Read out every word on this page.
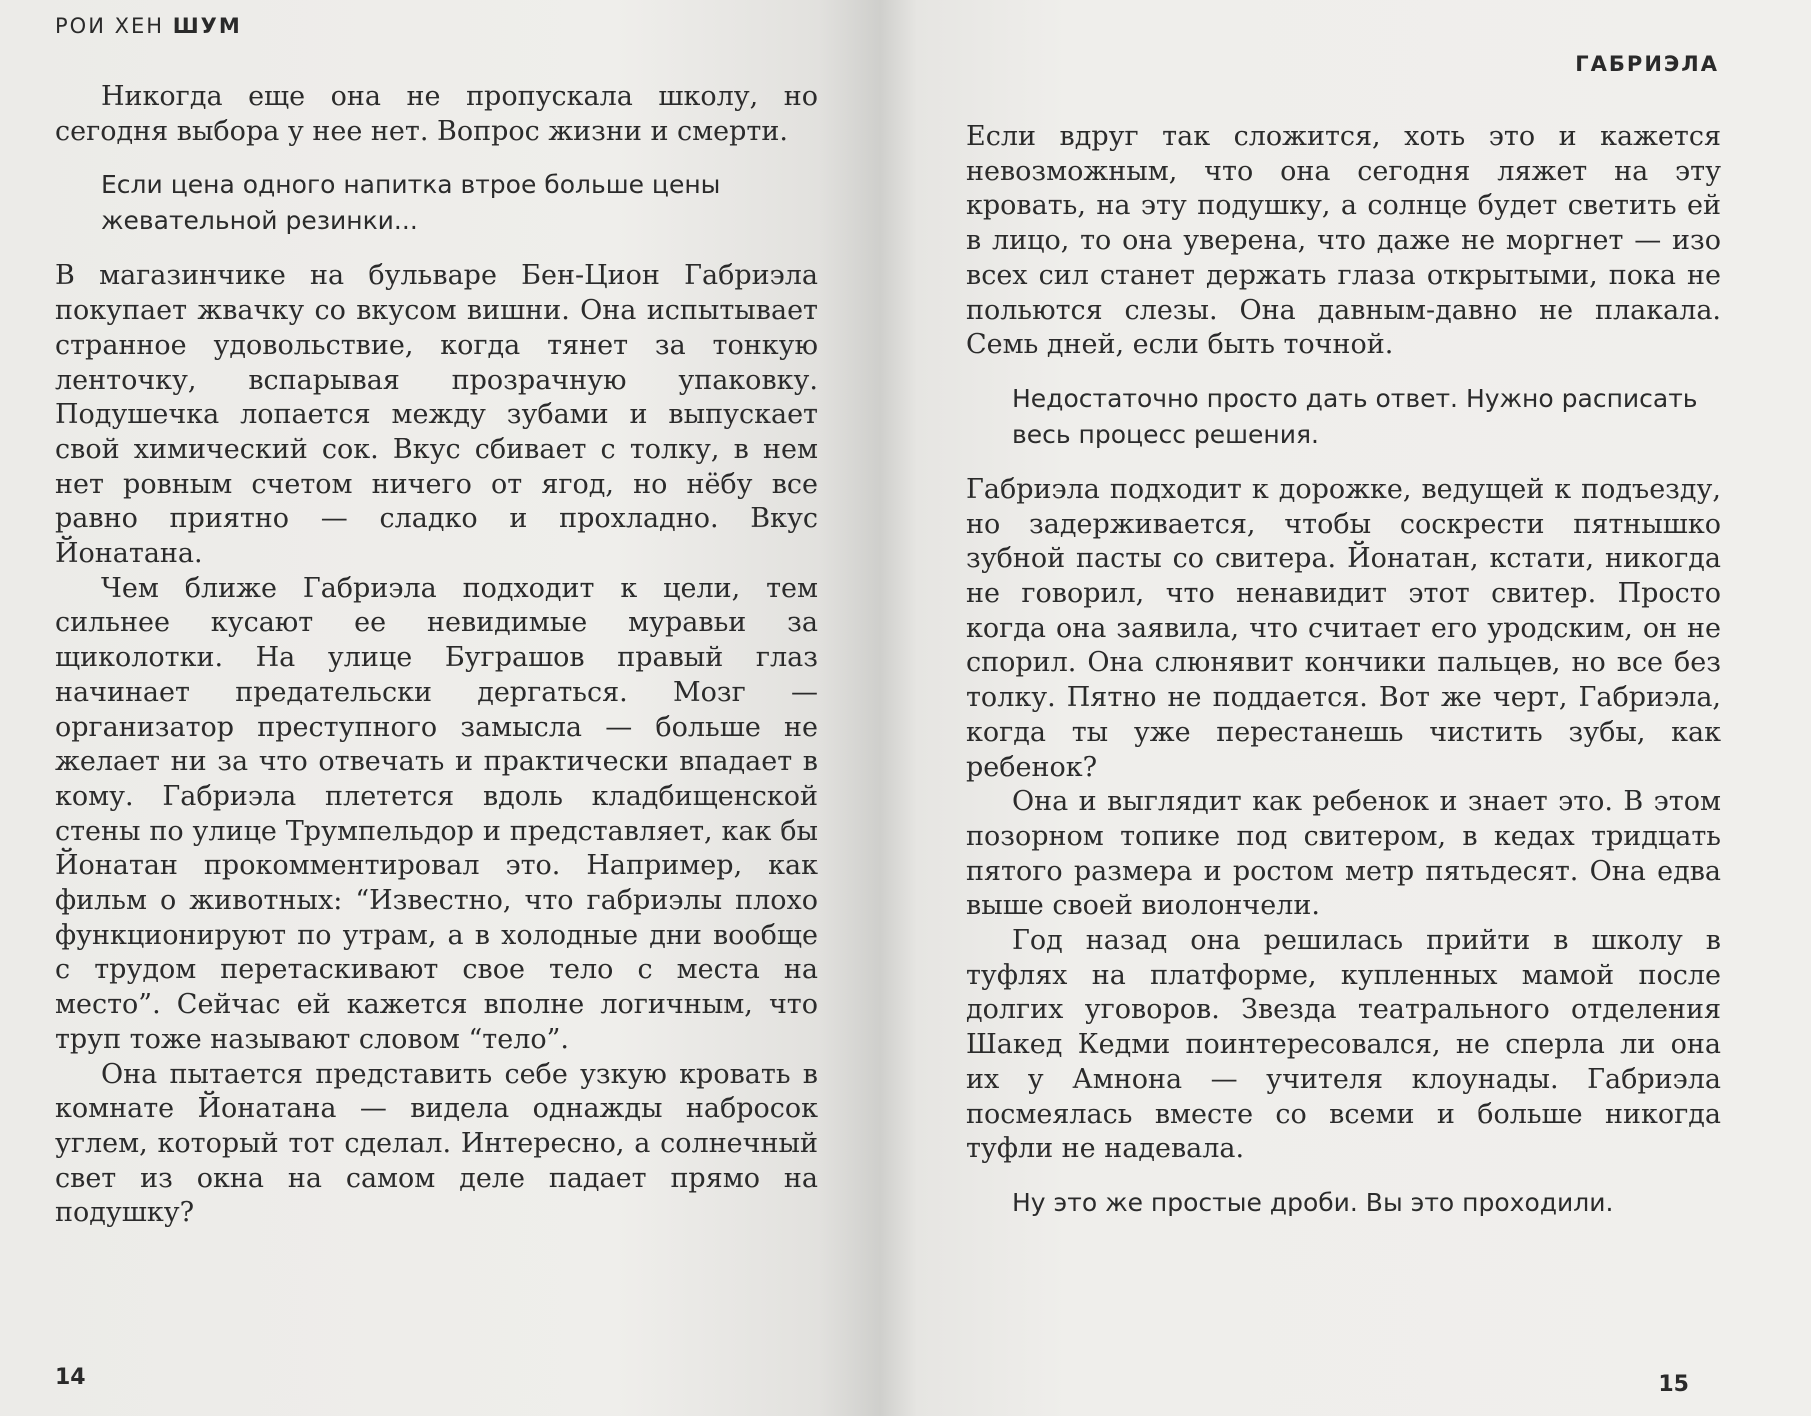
РОИ ХЕН ШУМ

Никогда еще она не пропускала школу, но сегодня выбора у нее нет. Вопрос жизни и смерти.

Если цена одного напитка втрое больше цены жевательной резинки...

В магазинчике на бульваре Бен-Цион Габриэла покупает жвачку со вкусом вишни. Она испытывает странное удовольствие, когда тянет за тонкую ленточку, вспарывая прозрачную упаковку. Подушечка лопается между зубами и выпускает свой химический сок. Вкус сбивает с толку, в нем нет ровным счетом ничего от ягод, но нёбу все равно приятно — сладко и прохладно. Вкус Йонатана.

Чем ближе Габриэла подходит к цели, тем сильнее кусают ее невидимые муравьи за щиколотки. На улице Буграшов правый глаз начинает предательски дергаться. Мозг — организатор преступного замысла — больше не желает ни за что отвечать и практически впадает в кому. Габриэла плетется вдоль кладбищенской стены по улице Трумпельдор и представляет, как бы Йонатан прокомментировал это. Например, как фильм о животных: “Известно, что габриэлы плохо функционируют по утрам, а в холодные дни вообще с трудом перетаскивают свое тело с места на место”. Сейчас ей кажется вполне логичным, что труп тоже называют словом “тело”.

Она пытается представить себе узкую кровать в комнате Йонатана — видела однажды набросок углем, который тот сделал. Интересно, а солнечный свет из окна на самом деле падает прямо на подушку?

14
ГАБРИЭЛА

Если вдруг так сложится, хоть это и кажется невозможным, что она сегодня ляжет на эту кровать, на эту подушку, а солнце будет светить ей в лицо, то она уверена, что даже не моргнет — изо всех сил станет держать глаза открытыми, пока не польются слезы. Она давным-давно не плакала. Семь дней, если быть точной.

Недостаточно просто дать ответ. Нужно расписать весь процесс решения.

Габриэла подходит к дорожке, ведущей к подъезду, но задерживается, чтобы соскрести пятнышко зубной пасты со свитера. Йонатан, кстати, никогда не говорил, что ненавидит этот свитер. Просто когда она заявила, что считает его уродским, он не спорил. Она слюнявит кончики пальцев, но все без толку. Пятно не поддается. Вот же черт, Габриэла, когда ты уже перестанешь чистить зубы, как ребенок?

Она и выглядит как ребенок и знает это. В этом позорном топике под свитером, в кедах тридцать пятого размера и ростом метр пятьдесят. Она едва выше своей виолончели.

Год назад она решилась прийти в школу в туфлях на платформе, купленных мамой после долгих уговоров. Звезда театрального отделения Шакед Кедми поинтересовался, не сперла ли она их у Амнона — учителя клоунады. Габриэла посмеялась вместе со всеми и больше никогда туфли не надевала.

Ну это же простые дроби. Вы это проходили.

15
